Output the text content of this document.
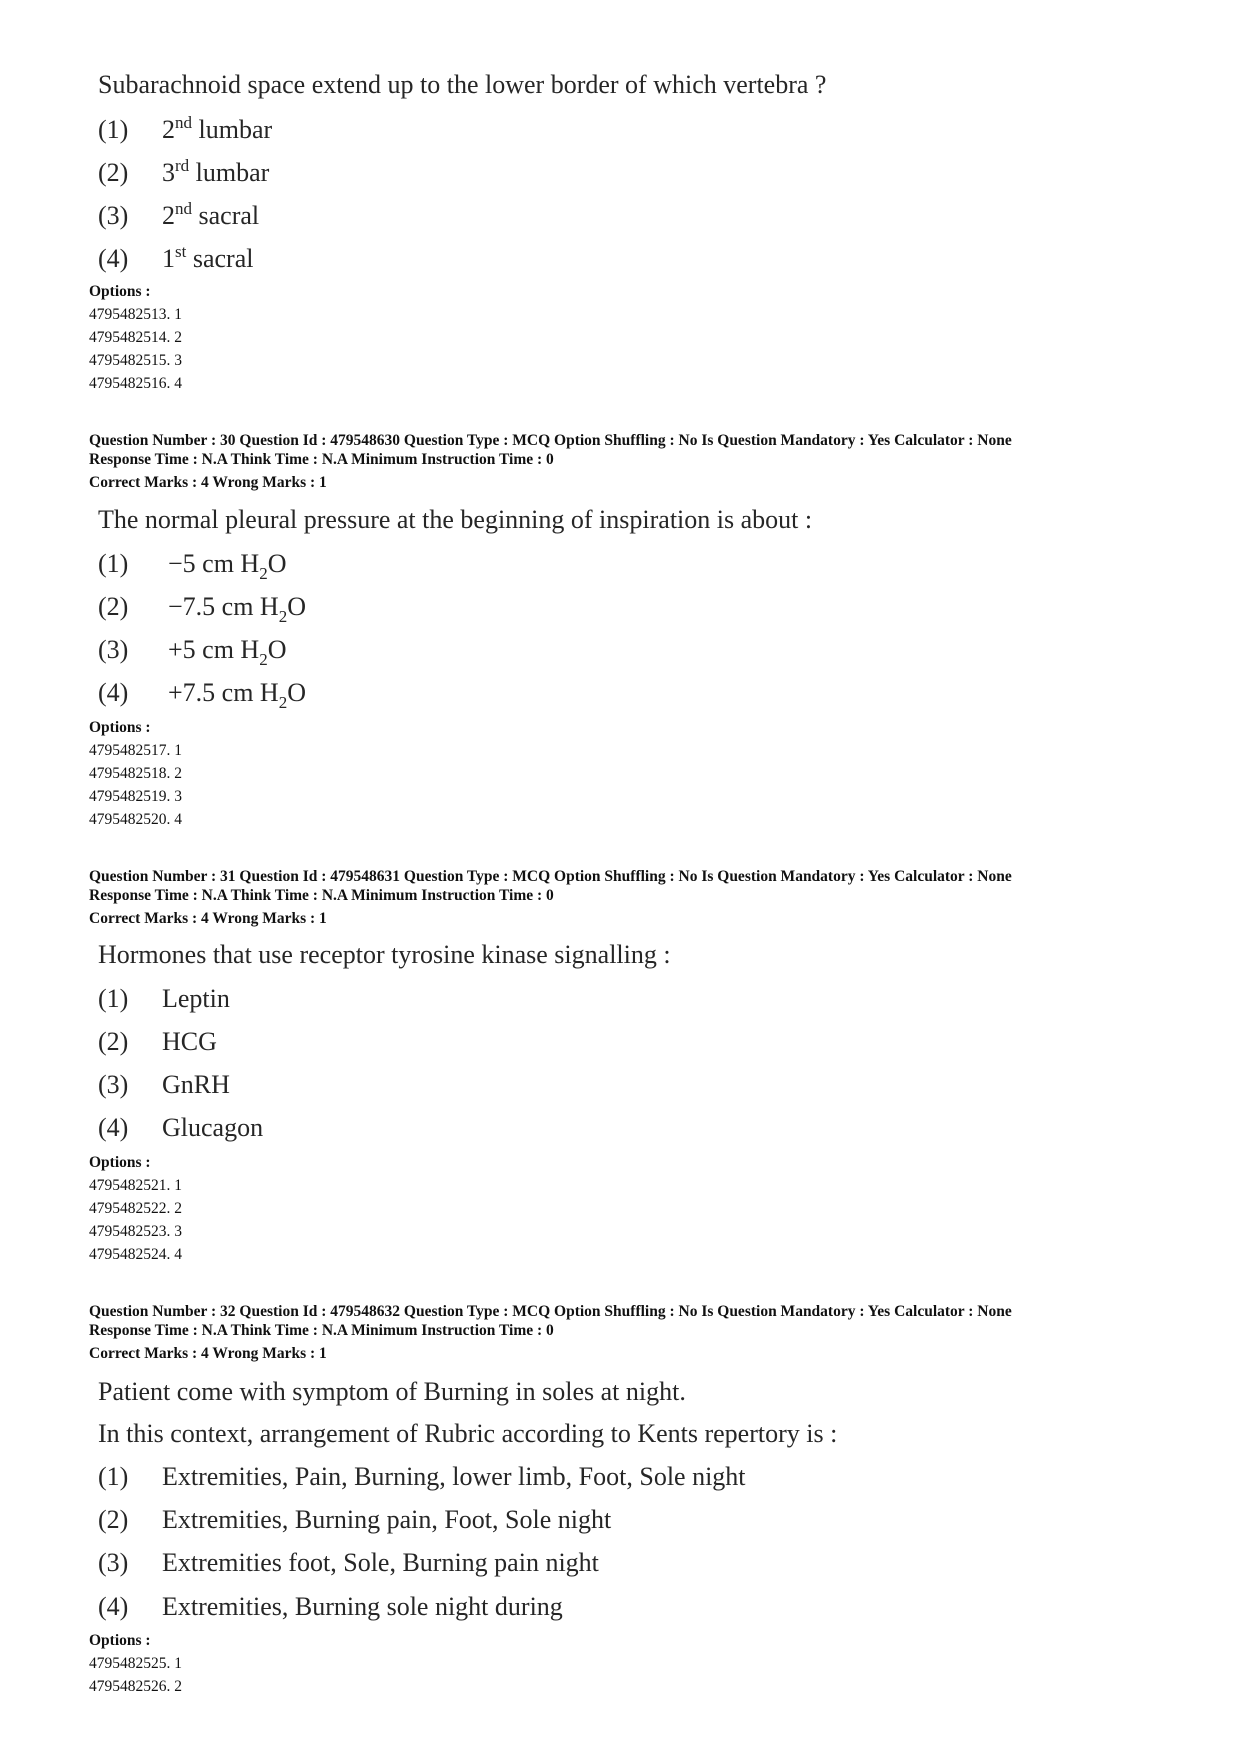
Subarachnoid space extend up to the lower border of which vertebra ?
(1) 2nd lumbar
(2) 3rd lumbar
(3) 2nd sacral
(4) 1st sacral
Options :
4795482513. 1
4795482514. 2
4795482515. 3
4795482516. 4
Question Number : 30 Question Id : 479548630 Question Type : MCQ Option Shuffling : No Is Question Mandatory : Yes Calculator : None
Response Time : N.A Think Time : N.A Minimum Instruction Time : 0
Correct Marks : 4 Wrong Marks : 1
The normal pleural pressure at the beginning of inspiration is about :
(1) −5 cm $H_2O$
(2) −7.5 cm $H_2O$
(3) +5 cm $H_2O$
(4) +7.5 cm $H_2O$
Options :
4795482517. 1
4795482518. 2
4795482519. 3
4795482520. 4
Question Number : 31 Question Id : 479548631 Question Type : MCQ Option Shuffling : No Is Question Mandatory : Yes Calculator : None
Response Time : N.A Think Time : N.A Minimum Instruction Time : 0
Correct Marks : 4 Wrong Marks : 1
Hormones that use receptor tyrosine kinase signalling :
(1) Leptin
(2) HCG
(3) GnRH
(4) Glucagon
Options :
4795482521. 1
4795482522. 2
4795482523. 3
4795482524. 4
Question Number : 32 Question Id : 479548632 Question Type : MCQ Option Shuffling : No Is Question Mandatory : Yes Calculator : None
Response Time : N.A Think Time : N.A Minimum Instruction Time : 0
Correct Marks : 4 Wrong Marks : 1
Patient come with symptom of Burning in soles at night.
In this context, arrangement of Rubric according to Kents repertory is :
(1) Extremities, Pain, Burning, lower limb, Foot, Sole night
(2) Extremities, Burning pain, Foot, Sole night
(3) Extremities foot, Sole, Burning pain night
(4) Extremities, Burning sole night during
Options :
4795482525. 1
4795482526. 2
